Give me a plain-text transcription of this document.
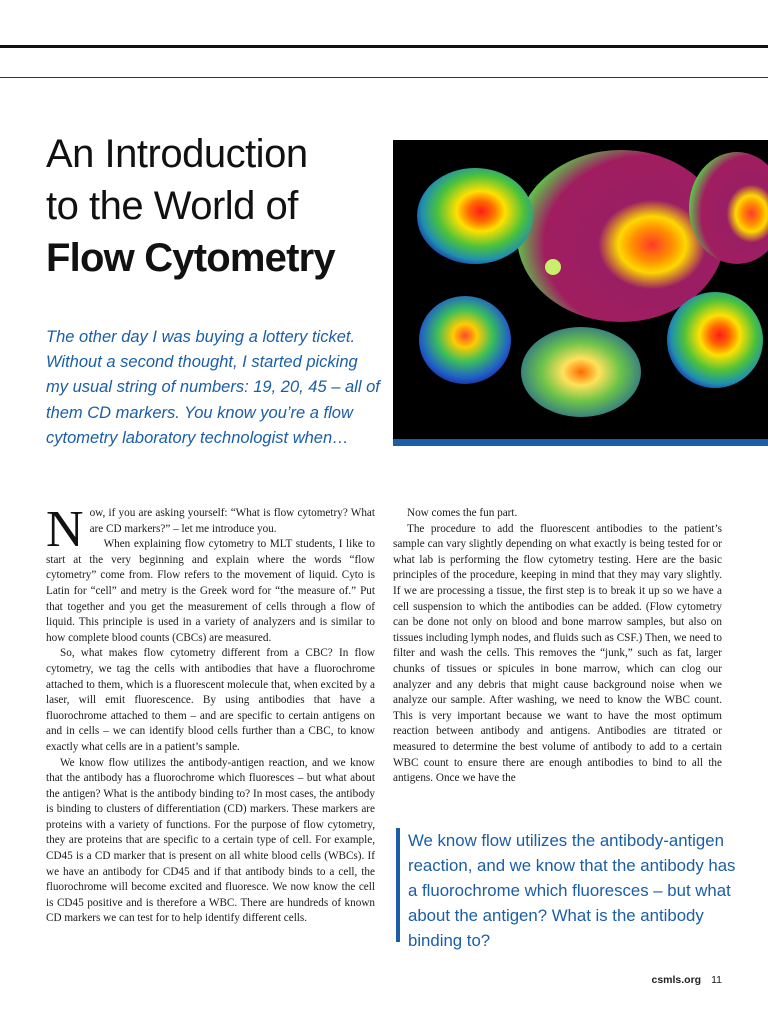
An Introduction
to the World of
Flow Cytometry
The other day I was buying a lottery ticket. Without a second thought, I started picking my usual string of numbers: 19, 20, 45 – all of them CD markers. You know you’re a flow cytometry laboratory technologist when…

Now, if you are asking yourself: “What is flow cytometry? What are CD markers?” – let me introduce you.

When explaining flow cytometry to MLT students, I like to start at the very beginning and explain where the words “flow cytometry” come from. Flow refers to the movement of liquid. Cyto is Latin for “cell” and metry is the Greek word for “the measure of.” Put that together and you get the measurement of cells through a flow of liquid. This principle is used in a variety of analyzers and is similar to how complete blood counts (CBCs) are measured.

So, what makes flow cytometry different from a CBC? In flow cytometry, we tag the cells with antibodies that have a fluorochrome attached to them, which is a fluorescent molecule that, when excited by a laser, will emit fluorescence. By using antibodies that have a fluorochrome attached to them – and are specific to certain antigens on and in cells – we can identify blood cells further than a CBC, to know exactly what cells are in a patient’s sample.

We know flow utilizes the antibody-antigen reaction, and we know that the antibody has a fluorochrome which fluoresces – but what about the antigen? What is the antibody binding to? In most cases, the antibody is binding to clusters of differentiation (CD) markers. These markers are proteins with a variety of functions. For the purpose of flow cytometry, they are proteins that are specific to a certain type of cell. For example, CD45 is a CD marker that is present on all white blood cells (WBCs). If we have an antibody for CD45 and if that antibody binds to a cell, the fluorochrome will become excited and fluoresce. We now know the cell is CD45 positive and is therefore a WBC. There are hundreds of known CD markers we can test for to help identify different cells.

Now comes the fun part.

The procedure to add the fluorescent antibodies to the patient’s sample can vary slightly depending on what exactly is being tested for or what lab is performing the flow cytometry testing. Here are the basic principles of the procedure, keeping in mind that they may vary slightly. If we are processing a tissue, the first step is to break it up so we have a cell suspension to which the antibodies can be added. (Flow cytometry can be done not only on blood and bone marrow samples, but also on tissues including lymph nodes, and fluids such as CSF.) Then, we need to filter and wash the cells. This removes the “junk,” such as fat, larger chunks of tissues or spicules in bone marrow, which can clog our analyzer and any debris that might cause background noise when we analyze our sample. After washing, we need to know the WBC count. This is very important because we want to have the most optimum reaction between antibody and antigens. Antibodies are titrated or measured to determine the best volume of antibody to add to a certain WBC count to ensure there are enough antibodies to bind to all the antigens. Once we have the

We know flow utilizes the antibody-antigen reaction, and we know that the antibody has a fluorochrome which fluoresces – but what about the antigen? What is the antibody binding to?
csmls.org 11
